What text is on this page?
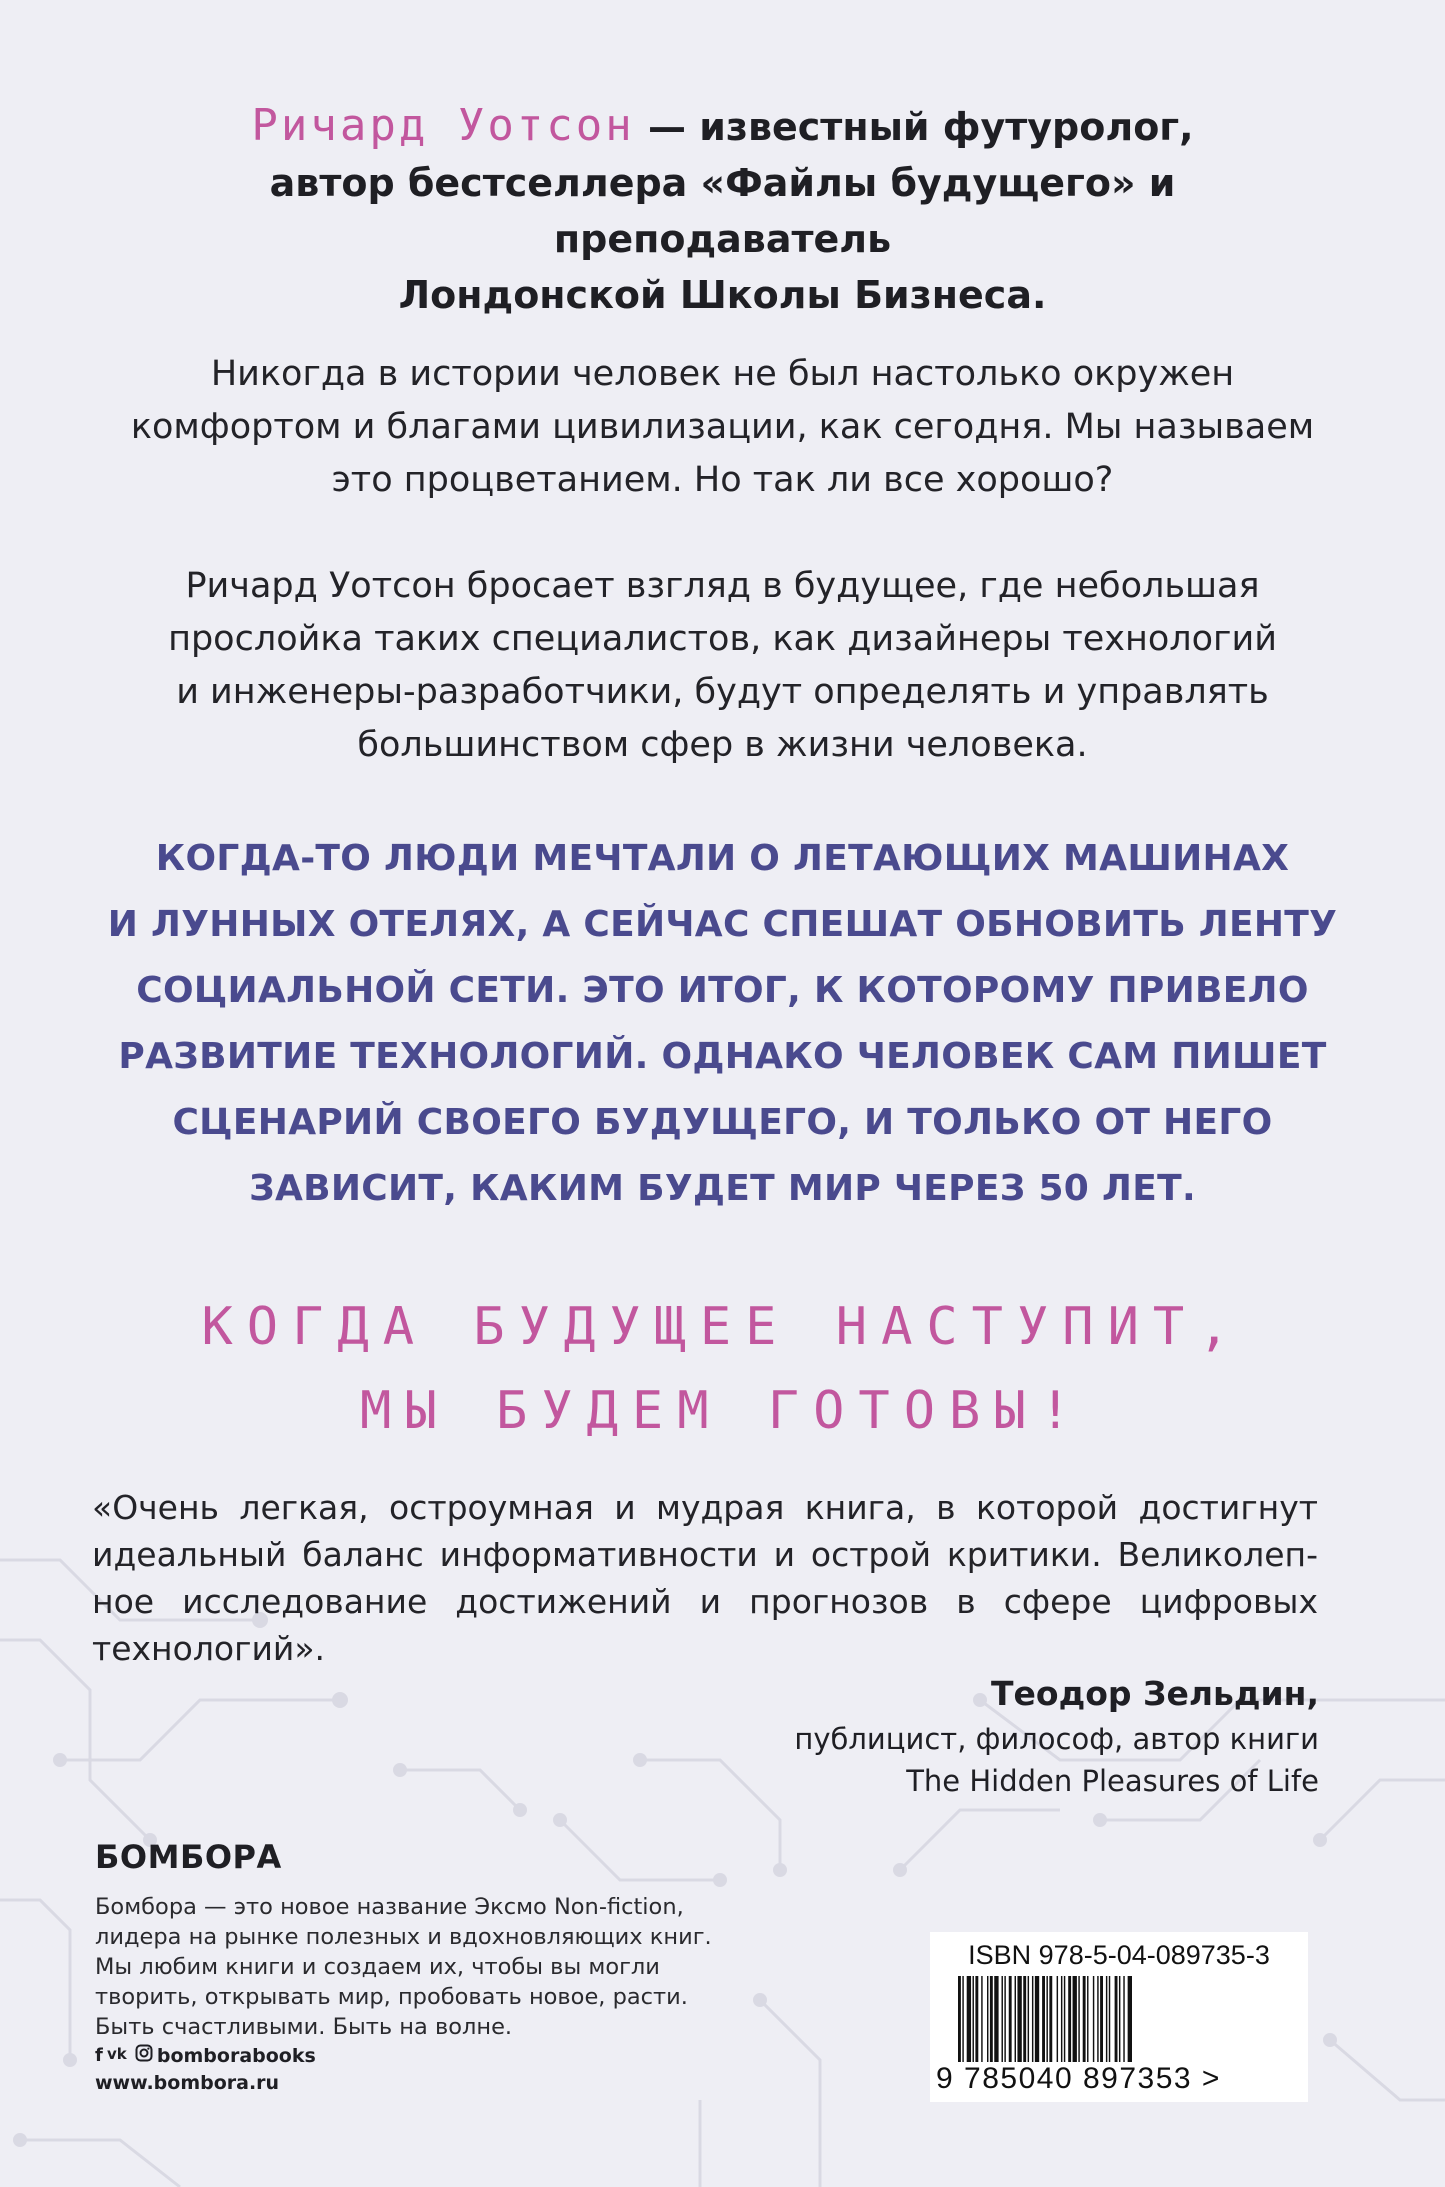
Ричард Уотсон — известный футуролог,
автор бестселлера «Файлы будущего» и преподаватель
Лондонской Школы Бизнеса.
Никогда в истории человек не был настолько окружен
комфортом и благами цивилизации, как сегодня. Мы называем
это процветанием. Но так ли все хорошо?
Ричард Уотсон бросает взгляд в будущее, где небольшая
прослойка таких специалистов, как дизайнеры технологий
и инженеры-разработчики, будут определять и управлять
большинством сфер в жизни человека.
КОГДА-ТО ЛЮДИ МЕЧТАЛИ О ЛЕТАЮЩИХ МАШИНАХ
И ЛУННЫХ ОТЕЛЯХ, А СЕЙЧАС СПЕШАТ ОБНОВИТЬ ЛЕНТУ
СОЦИАЛЬНОЙ СЕТИ. ЭТО ИТОГ, К КОТОРОМУ ПРИВЕЛО
РАЗВИТИЕ ТЕХНОЛОГИЙ. ОДНАКО ЧЕЛОВЕК САМ ПИШЕТ
СЦЕНАРИЙ СВОЕГО БУДУЩЕГО, И ТОЛЬКО ОТ НЕГО
ЗАВИСИТ, КАКИМ БУДЕТ МИР ЧЕРЕЗ 50 ЛЕТ.
КОГДА БУДУЩЕЕ НАСТУПИТ,
МЫ БУДЕМ ГОТОВЫ!
«Очень легкая, остроумная и мудрая книга, в которой достигнут идеальный баланс информативности и острой критики. Великолепное исследование достижений и прогнозов в сфере цифровых технологий».
Теодор Зельдин,
публицист, философ, автор книги
The Hidden Pleasures of Life
БОМБОРА
Бомбора — это новое название Эксмо Non-fiction,
лидера на рынке полезных и вдохновляющих книг.
Мы любим книги и создаем их, чтобы вы могли
творить, открывать мир, пробовать новое, расти.
Быть счастливыми. Быть на волне.
f vk bomborabooks
www.bombora.ru
ISBN 978-5-04-089735-3
9 785040 897353 >
